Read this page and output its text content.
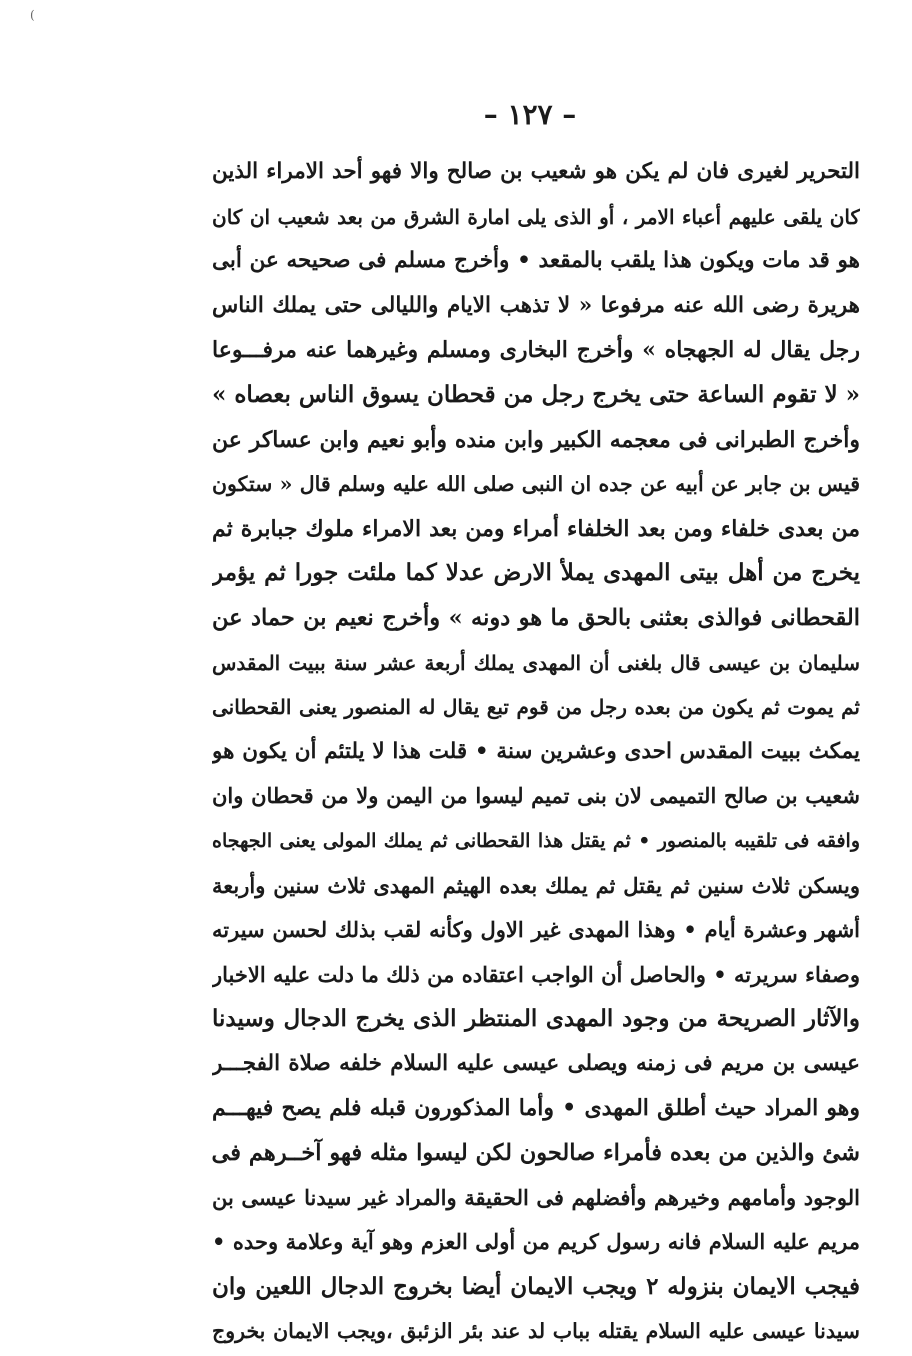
(
– ١٢٧ –
التحرير لغيرى فان لم يكن هو شعيب بن صالح والا فهو أحد الامراء الذين
كان يلقى عليهم أعباء الامر ، أو الذى يلى امارة الشرق من بعد شعيب ان كان
هو قد مات ويكون هذا يلقب بالمقعد • وأخرج مسلم فى صحيحه عن أبى
هريرة رضى الله عنه مرفوعا « لا تذهب الايام والليالى حتى يملك الناس
رجل يقال له الجهجاه » وأخرج البخارى ومسلم وغيرهما عنه مرفـــوعا
« لا تقوم الساعة حتى يخرج رجل من قحطان يسوق الناس بعصاه »
وأخرج الطبرانى فى معجمه الكبير وابن منده وأبو نعيم وابن عساكر عن
قيس بن جابر عن أبيه عن جده ان النبى صلى الله عليه وسلم قال « ستكون
من بعدى خلفاء ومن بعد الخلفاء أمراء ومن بعد الامراء ملوك جبابرة ثم
يخرج من أهل بيتى المهدى يملأ الارض عدلا كما ملئت جورا ثم يؤمر
القحطانى فوالذى بعثنى بالحق ما هو دونه » وأخرج نعيم بن حماد عن
سليمان بن عيسى قال بلغنى أن المهدى يملك أربعة عشر سنة ببيت المقدس
ثم يموت ثم يكون من بعده رجل من قوم تبع يقال له المنصور يعنى القحطانى
يمكث ببيت المقدس احدى وعشرين سنة • قلت هذا لا يلتئم أن يكون هو
شعيب بن صالح التميمى لان بنى تميم ليسوا من اليمن ولا من قحطان وان
وافقه فى تلقيبه بالمنصور • ثم يقتل هذا القحطانى ثم يملك المولى يعنى الجهجاه
ويسكن ثلاث سنين ثم يقتل ثم يملك بعده الهيثم المهدى ثلاث سنين وأربعة
أشهر وعشرة أيام • وهذا المهدى غير الاول وكأنه لقب بذلك لحسن سيرته
وصفاء سريرته • والحاصل أن الواجب اعتقاده من ذلك ما دلت عليه الاخبار
والآثار الصريحة من وجود المهدى المنتظر الذى يخرج الدجال وسيدنا
عيسى بن مريم فى زمنه ويصلى عيسى عليه السلام خلفه صلاة الفجـــر
وهو المراد حيث أطلق المهدى • وأما المذكورون قبله فلم يصح فيهـــم
شئ والذين من بعده فأمراء صالحون لكن ليسوا مثله فهو آخــرهم فى
الوجود وأمامهم وخيرهم وأفضلهم فى الحقيقة والمراد غير سيدنا عيسى بن
مريم عليه السلام فانه رسول كريم من أولى العزم وهو آية وعلامة وحده •
فيجب الايمان بنزوله ٢ ويجب الايمان أيضا بخروج الدجال اللعين وان
سيدنا عيسى عليه السلام يقتله بباب لد عند بئر الزئبق ،ويجب الايمان بخروج
